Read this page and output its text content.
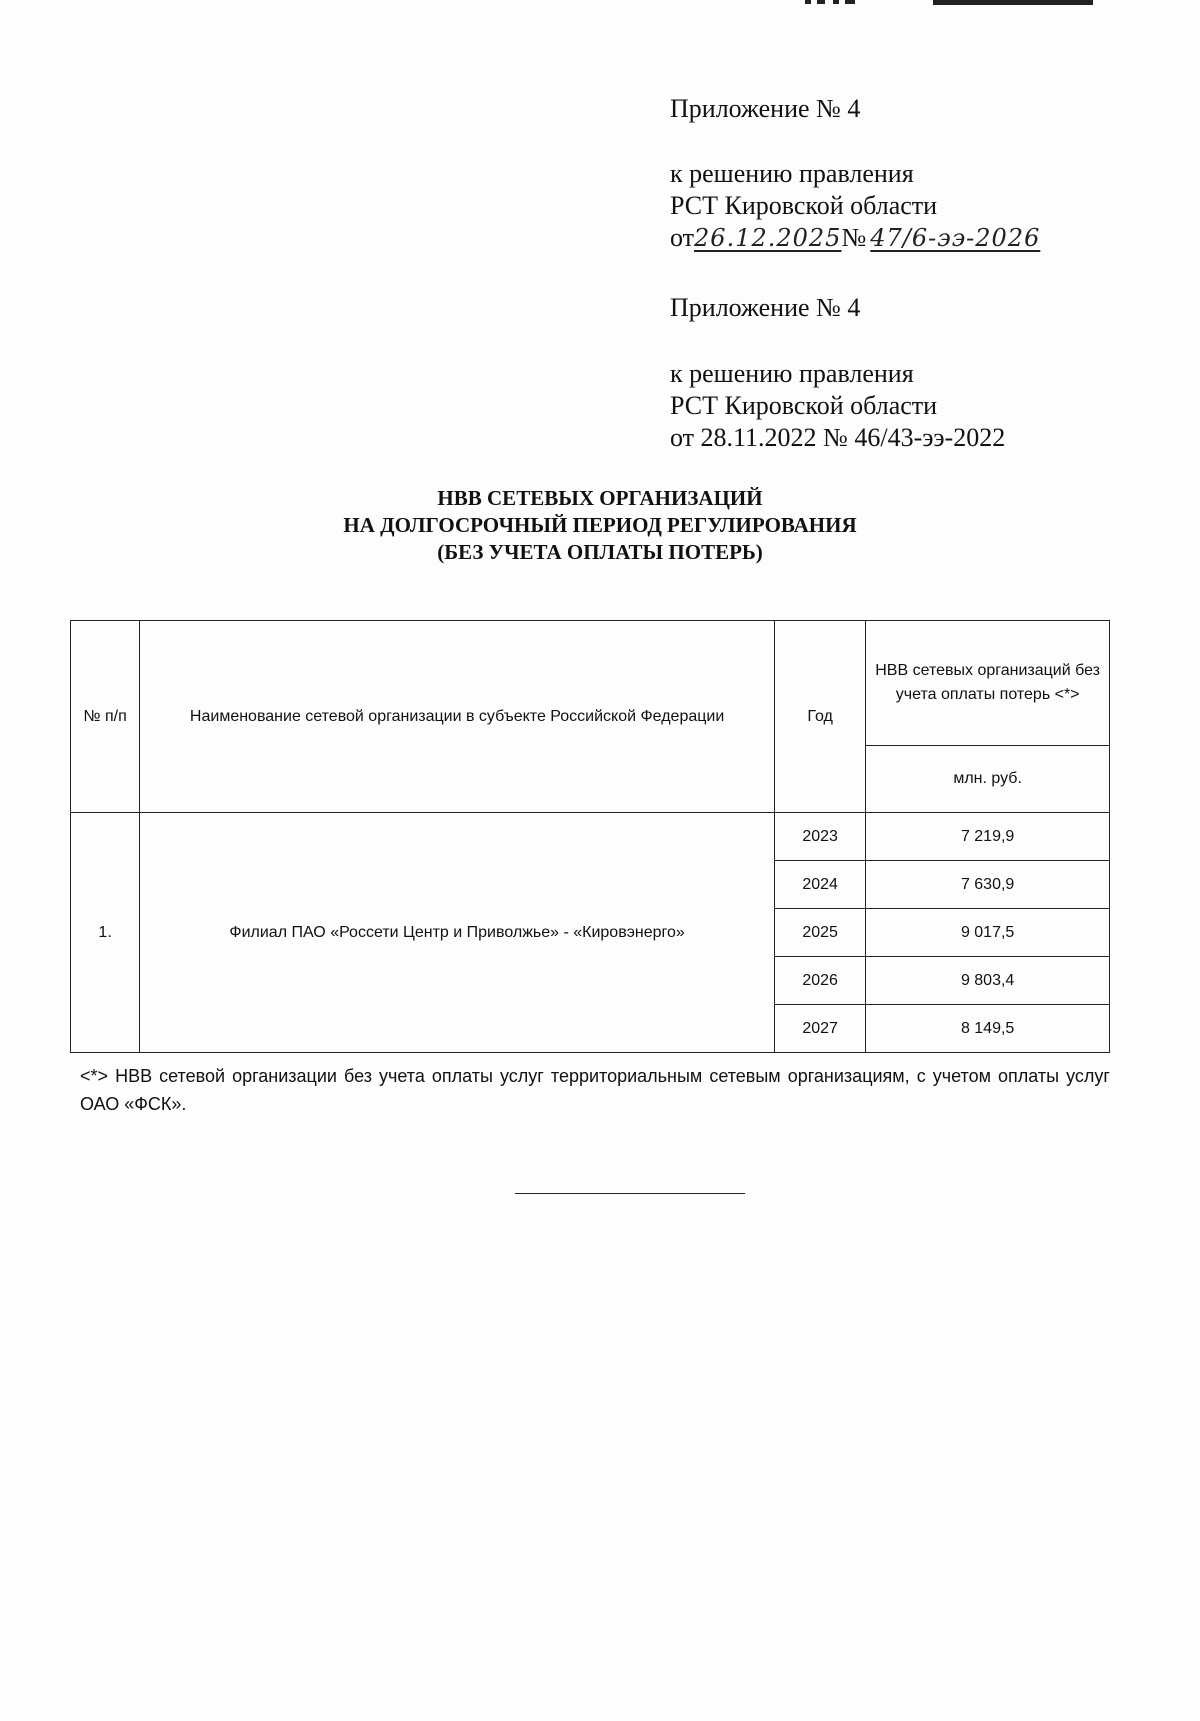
Приложение № 4

к решению правления

РСТ Кировской области

от26.12.2025№ 47/6-ээ-2026

Приложение № 4

к решению правления

РСТ Кировской области

от 28.11.2022 № 46/43-ээ-2022

НВВ СЕТЕВЫХ ОРГАНИЗАЦИЙ
НА ДОЛГОСРОЧНЫЙ ПЕРИОД РЕГУЛИРОВАНИЯ
(БЕЗ УЧЕТА ОПЛАТЫ ПОТЕРЬ)
№ п/п	Наименование сетевой организации в субъекте Российской Федерации	Год	НВВ сетевых организаций без учета оплаты потерь <*>
			млн. руб.
1.	Филиал ПАО «Россети Центр и Приволжье» - «Кировэнерго»	2023	7 219,9
		2024	7 630,9
		2025	9 017,5
		2026	9 803,4
		2027	8 149,5

<*> НВВ сетевой организации без учета оплаты услуг территориальным сетевым организациям, с учетом оплаты услуг ОАО «ФСК».
